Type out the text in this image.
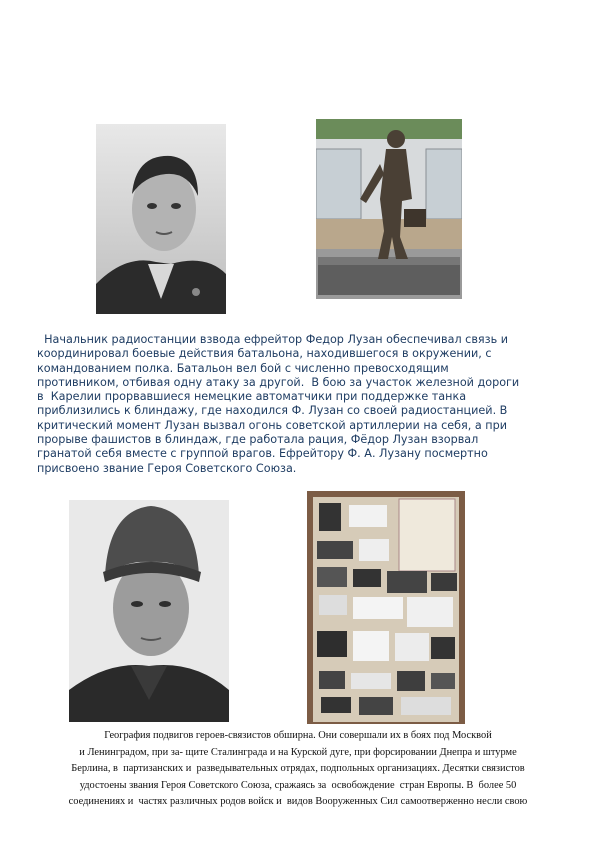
Начальник радиостанции взвода ефрейтор Федор Лузан обеспечивал связь и
координировал боевые действия батальона, находившегося в окружении, с
командованием полка. Батальон вел бой с численно превосходящим
противником, отбивая одну атаку за другой.  В бою за участок железной дороги
в  Карелии прорвавшиеся немецкие автоматчики при поддержке танка
приблизились к блиндажу, где находился Ф. Лузан со своей радиостанцией. В
критический момент Лузан вызвал огонь советской артиллерии на себя, а при
прорыве фашистов в блиндаж, где работала рация, Фёдор Лузан взорвал
гранатой себя вместе с группой врагов. Ефрейтору Ф. А. Лузану посмертно
присвоено звание Героя Советского Союза.

География подвигов героев-связистов обширна. Они совершали их в боях под Москвой
и Ленинградом, при за- щите Сталинграда и на Курской дуге, при форсировании Днепра и штурме
Берлина, в  партизанских и  разведывательных отрядах, подпольных организациях. Десятки связистов
удостоены звания Героя Советского Союза, сражаясь за  освобождение  стран Европы. В  более 50
соединениях и  частях различных родов войск и  видов Вооруженных Сил самоотверженно несли свою
